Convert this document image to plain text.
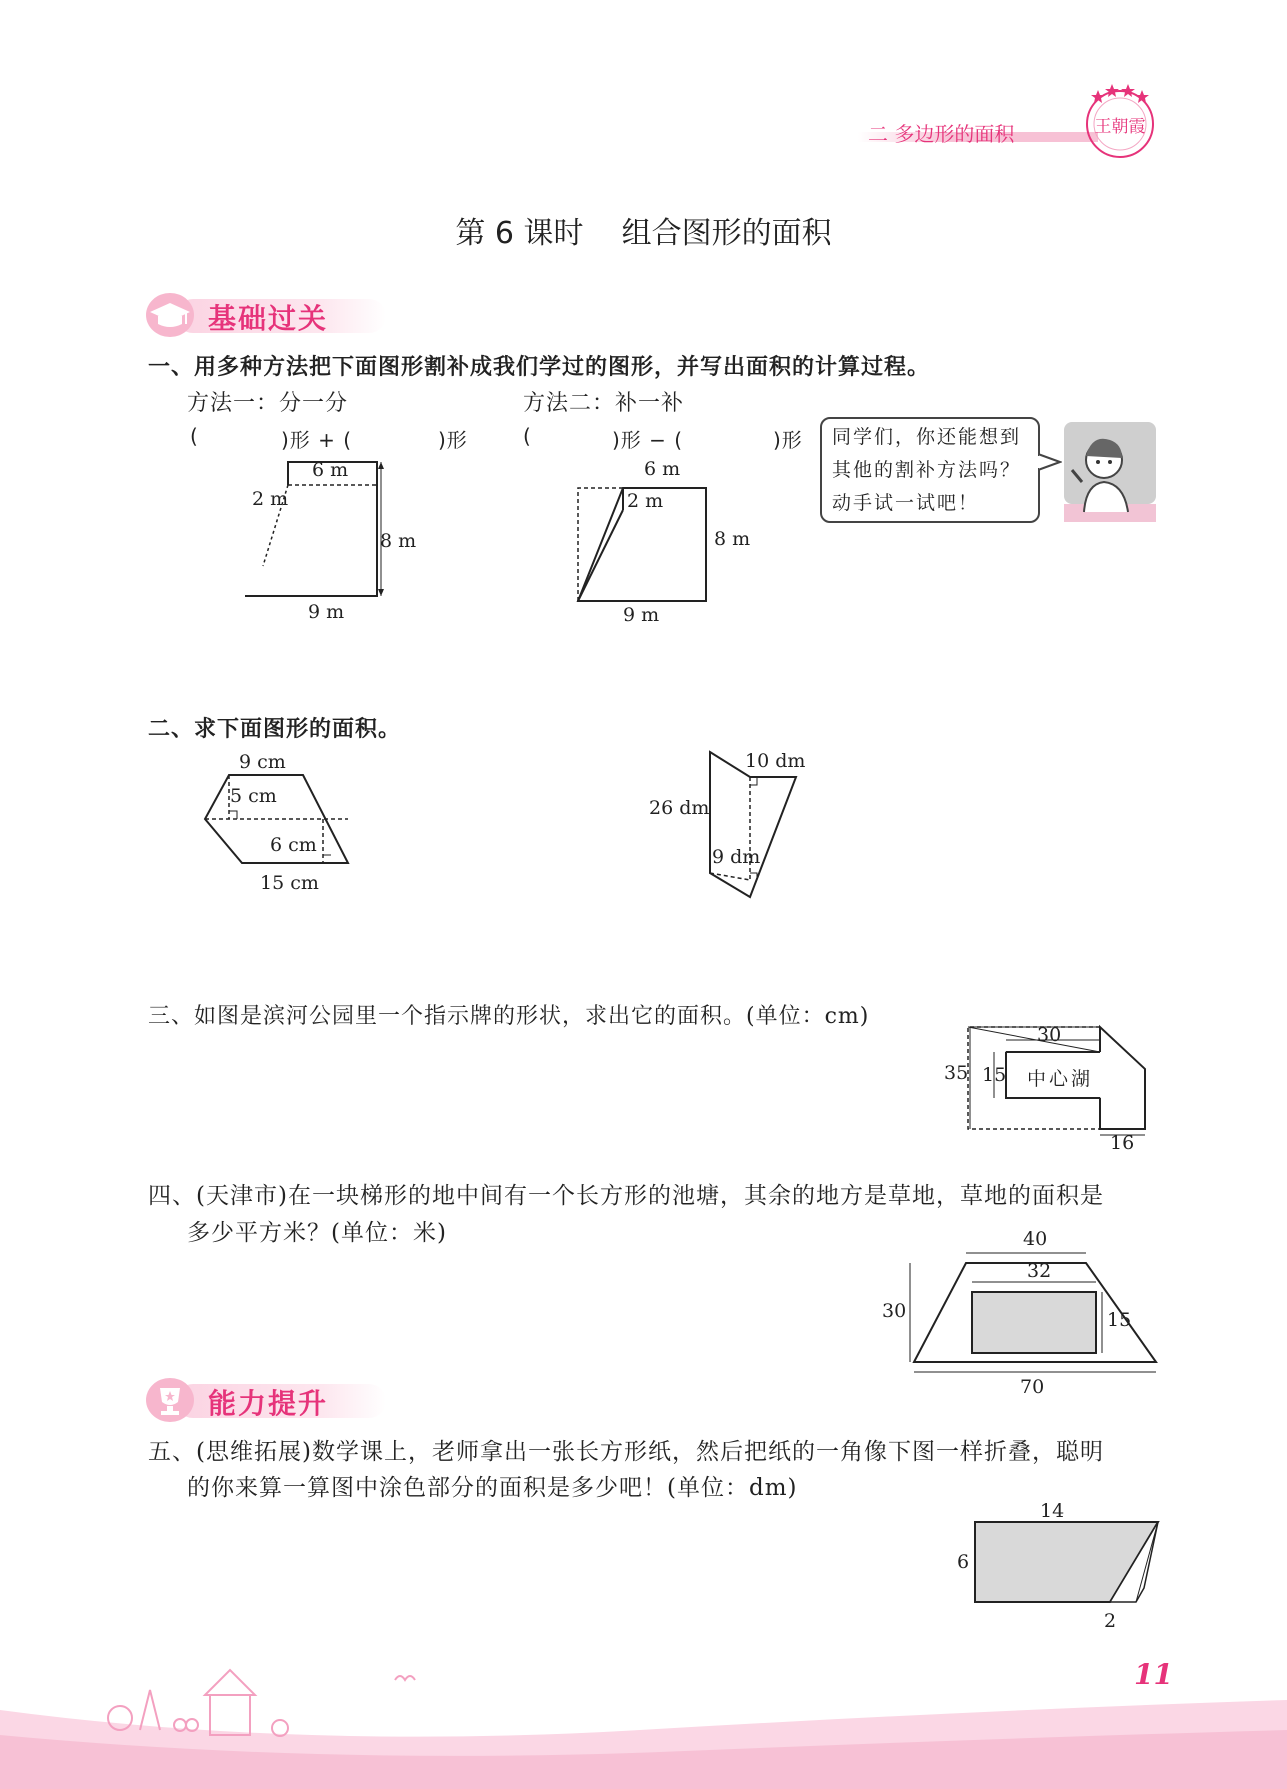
二 多边形的面积	王朝霞
第 6 课时    组合图形的面积
基础过关
一、用多种方法把下面图形割补成我们学过的图形，并写出面积的计算过程。
方法一：分一分	方法二：补一补
(	)形 + (	)形	(	)形 − (	)形
6 m
2 m
8 m
9 m
6 m
2 m
8 m
9 m
同学们，你还能想到
其他的割补方法吗？
动手试一试吧！
二、求下面图形的面积。
9 cm
5 cm
6 cm
15 cm
10 dm
26 dm
9 dm
三、如图是滨河公园里一个指示牌的形状，求出它的面积。(单位：cm)
30
35 15
16
中心湖
四、(天津市)在一块梯形的地中间有一个长方形的池塘，其余的地方是草地，草地的面积是
多少平方米？(单位：米)	40
32
30	15
70
能力提升
五、(思维拓展)数学课上，老师拿出一张长方形纸，然后把纸的一角像下图一样折叠，聪明
的你来算一算图中涂色部分的面积是多少吧！(单位：dm)
14
6
2
11
